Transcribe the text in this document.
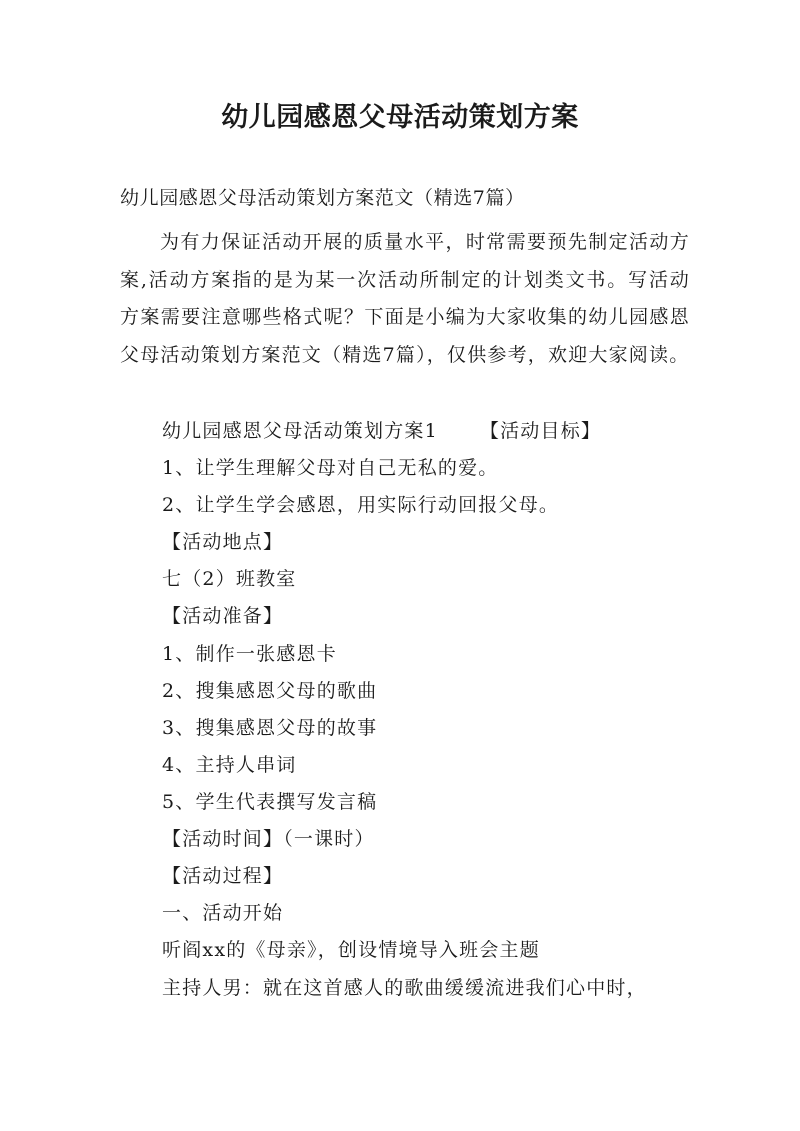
幼儿园感恩父母活动策划方案
幼儿园感恩父母活动策划方案范文（精选7篇）

为有力保证活动开展的质量水平，时常需要预先制定活动方案,活动方案指的是为某一次活动所制定的计划类文书。写活动方案需要注意哪些格式呢？下面是小编为大家收集的幼儿园感恩父母活动策划方案范文（精选7篇），仅供参考，欢迎大家阅读。

幼儿园感恩父母活动策划方案1 【活动目标】
1、让学生理解父母对自己无私的爱。
2、让学生学会感恩，用实际行动回报父母。
【活动地点】
七（2）班教室
【活动准备】
1、制作一张感恩卡
2、搜集感恩父母的歌曲
3、搜集感恩父母的故事
4、主持人串词
5、学生代表撰写发言稿
【活动时间】（一课时）
【活动过程】
一、活动开始
听阎xx的《母亲》，创设情境导入班会主题
主持人男：就在这首感人的歌曲缓缓流进我们心中时，
